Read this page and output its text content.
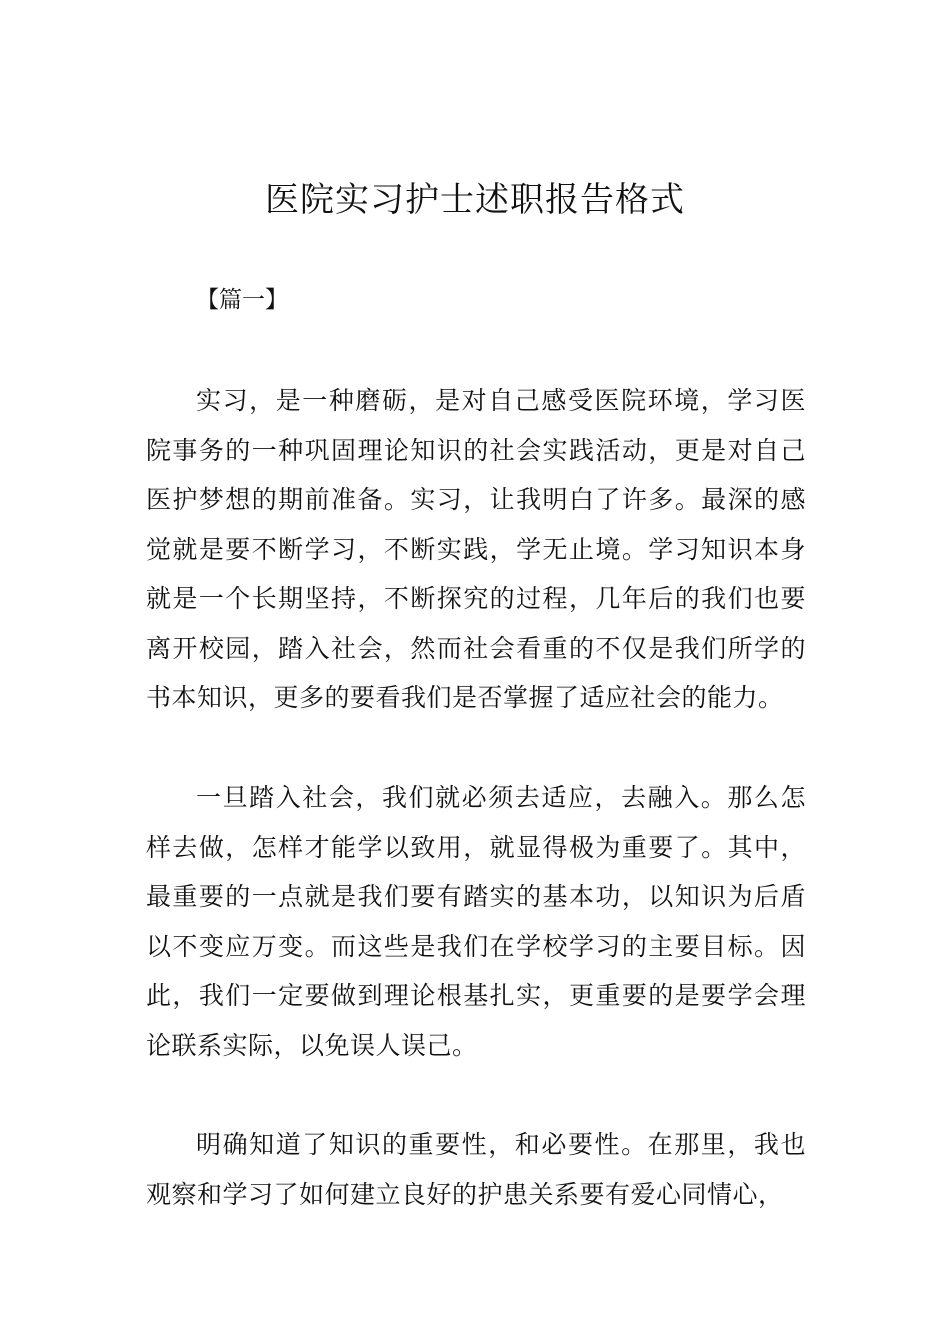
医院实习护士述职报告格式

【篇一】

实习，是一种磨砺，是对自己感受医院环境，学习医院事务的一种巩固理论知识的社会实践活动，更是对自己医护梦想的期前准备。实习，让我明白了许多。最深的感觉就是要不断学习，不断实践，学无止境。学习知识本身就是一个长期坚持，不断探究的过程，几年后的我们也要离开校园，踏入社会，然而社会看重的不仅是我们所学的书本知识，更多的要看我们是否掌握了适应社会的能力。

一旦踏入社会，我们就必须去适应，去融入。那么怎样去做，怎样才能学以致用，就显得极为重要了。其中，最重要的一点就是我们要有踏实的基本功，以知识为后盾以不变应万变。而这些是我们在学校学习的主要目标。因此，我们一定要做到理论根基扎实，更重要的是要学会理论联系实际，以免误人误己。

明确知道了知识的重要性，和必要性。在那里，我也观察和学习了如何建立良好的护患关系要有爱心同情心，
